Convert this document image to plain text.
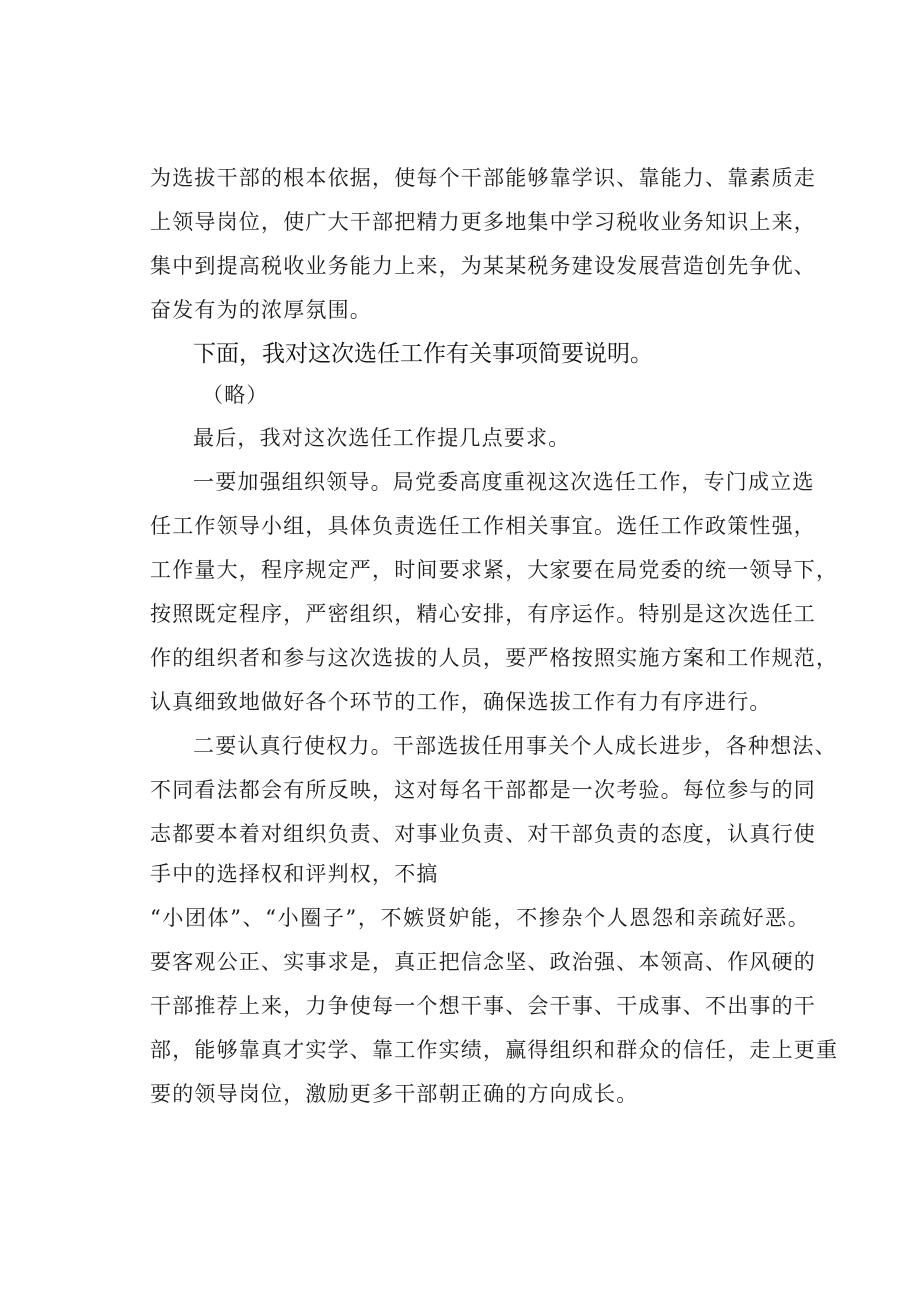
为选拔干部的根本依据，使每个干部能够靠学识、靠能力、靠素质走
上领导岗位，使广大干部把精力更多地集中学习税收业务知识上来，
集中到提高税收业务能力上来，为某某税务建设发展营造创先争优、
奋发有为的浓厚氛围。
下面，我对这次选任工作有关事项简要说明。
（略）
最后，我对这次选任工作提几点要求。
一要加强组织领导。局党委高度重视这次选任工作，专门成立选
任工作领导小组，具体负责选任工作相关事宜。选任工作政策性强，
工作量大，程序规定严，时间要求紧，大家要在局党委的统一领导下，
按照既定程序，严密组织，精心安排，有序运作。特别是这次选任工
作的组织者和参与这次选拔的人员，要严格按照实施方案和工作规范，
认真细致地做好各个环节的工作，确保选拔工作有力有序进行。
二要认真行使权力。干部选拔任用事关个人成长进步，各种想法、
不同看法都会有所反映，这对每名干部都是一次考验。每位参与的同
志都要本着对组织负责、对事业负责、对干部负责的态度，认真行使
手中的选择权和评判权，不搞
“小团体”、“小圈子”，不嫉贤妒能，不掺杂个人恩怨和亲疏好恶。
要客观公正、实事求是，真正把信念坚、政治强、本领高、作风硬的
干部推荐上来，力争使每一个想干事、会干事、干成事、不出事的干
部，能够靠真才实学、靠工作实绩，赢得组织和群众的信任，走上更重
要的领导岗位，激励更多干部朝正确的方向成长。
